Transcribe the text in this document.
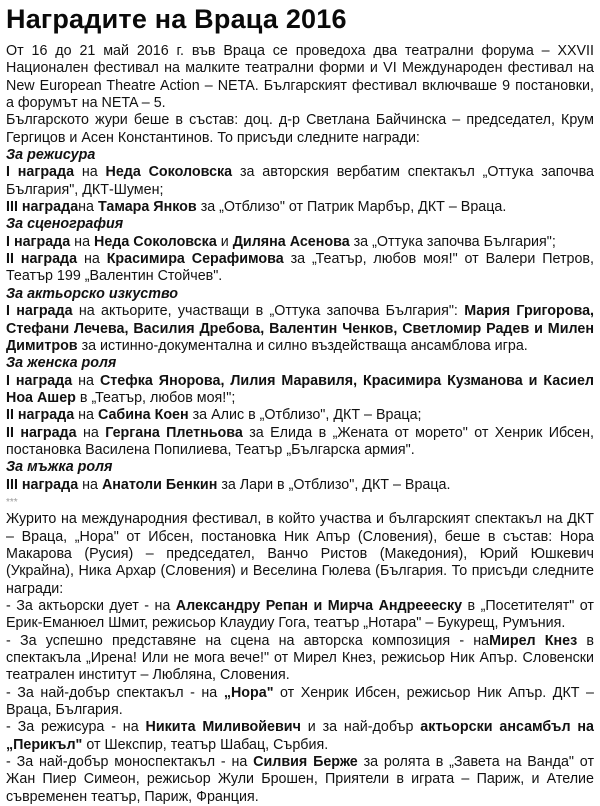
Наградите на Враца 2016

От 16 до 21 май 2016 г. във Враца се проведоха два театрални форума – XXVII Национален фестивал на малките театрални форми и VI Международен фестивал на New European Theatre Action – NETA. Българският фестивал включваше 9 постановки, а форумът на NETA – 5.

Българското жури беше в състав: доц. д-р Светлана Байчинска – председател, Крум Гергицов и Асен Константинов. То присъди следните награди:

За режисура

I награда на Неда Соколовска за авторския вербатим спектакъл „Оттука започва България", ДКТ-Шумен;

III наградана Тамара Янков за „Отблизо" от Патрик Марбър, ДКТ – Враца.

За сценография

I награда на Неда Соколовска и Диляна Асенова за „Оттука започва България";

II награда на Красимира Серафимова за „Театър, любов моя!" от Валери Петров, Театър 199 „Валентин Стойчев".

За актьорско изкуство

I награда на актьорите, участващи в „Оттука започва България": Мария Григорова, Стефани Лечева, Василия Дребова, Валентин Ченков, Светломир Радев и Милен Димитров за истинно-документална и силно въздействаща ансамблова игра.

За женска роля

I награда на Стефка Янорова, Лилия Маравиля, Красимира Кузманова и Касиел Ноа Ашер в „Театър, любов моя!";

II награда на Сабина Коен за Алис в „Отблизо", ДКТ – Враца;

II награда на Гергана Плетньова за Елида в „Жената от морето" от Хенрик Ибсен, постановка Василена Попилиева, Театър „Българска армия".

За мъжка роля

III награда на Анатоли Бенкин за Лари в „Отблизо", ДКТ – Враца.

***

Журито на международния фестивал, в който участва и българският спектакъл на ДКТ – Враца, „Нора" от Ибсен, постановка Ник Апър (Словения), беше в състав: Нора Макарова (Русия) – председател, Ванчо Ристов (Македония), Юрий Юшкевич (Украйна), Ника Архар (Словения) и Веселина Гюлева (България. То присъди следните награди:

- За актьорски дует - на Александру Репан и Мирча Андреееску в „Посетителят" от Ерик-Еманюел Шмит, режисьор Клаудиу Гога, театър „Нотара" – Букурещ, Румъния.

- За успешно представяне на сцена на авторска композиция - наМирел Кнез в спектакъла „Ирена! Или не мога вече!" от Мирел Кнез, режисьор Ник Апър. Словенски театрален институт – Любляна, Словения.

- За най-добър спектакъл - на „Нора" от Хенрик Ибсен, режисьор Ник Апър. ДКТ – Враца, България.

- За режисура - на Никита Миливойевич и за най-добър актьорски ансамбъл на „Перикъл" от Шекспир, театър Шабац, Сърбия.

- За най-добър моноспектакъл - на Силвия Берже за ролята в „Завета на Ванда" от Жан Пиер Симеон, режисьор Жули Брошен, Приятели в играта – Париж, и Ателие съвременен театър, Париж, Франция.
